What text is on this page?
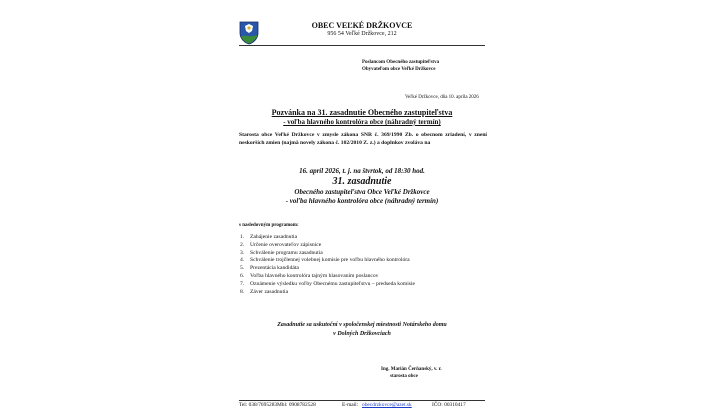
OBEC VEĽKÉ DRŽKOVCE
956 54 Veľké Držkovce, 212
Poslancom Obecného zastupiteľstva
Obyvateľom obce Veľké Držkovce
Veľké Držkovce, dňa 10. apríla 2026
Pozvánka na 31. zasadnutie Obecného zastupiteľstva
- voľba hlavného kontrolóra obce (náhradný termín)
Starosta obce Veľké Držkovce v zmysle zákona SNR č. 369/1990 Zb. o obecnom zriadení, v znení neskorších zmien (najmä novely zákona č. 102/2010 Z. z.) a doplnkov zvoláva na
16. apríl 2026, t. j. na štvrtok, od 18:30 hod.
31. zasadnutie
Obecného zastupiteľstva Obce Veľké Držkovce
- voľba hlavného kontrolóra obce (náhradný termín)
s nasledovným programom:
1. Zahájenie zasadnutia
2. Určenie overovateľov zápisnice
3. Schválenie programu zasadnutia
4. Schválenie trojčlennej volebnej komisie pre voľbu hlavného kontrolóra
5. Prezentácia kandidáta
6. Voľba hlavného kontrolóra tajným hlasovaním poslancov
7. Oznámenie výsledku voľby Obecnému zastupiteľstvu – predseda komisie
8. Záver zasadnutia
Zasadnutie sa uskutoční v spoločenskej miestnosti Notárskeho domu
v Dolných Držkovciach
Ing. Marián Čerňanský, v. r.
starosta obce
Tel: 038/7695283 Mbl: 0908782528	E-mail: obecdrzkovce@azet.sk	IČO: 00310417
